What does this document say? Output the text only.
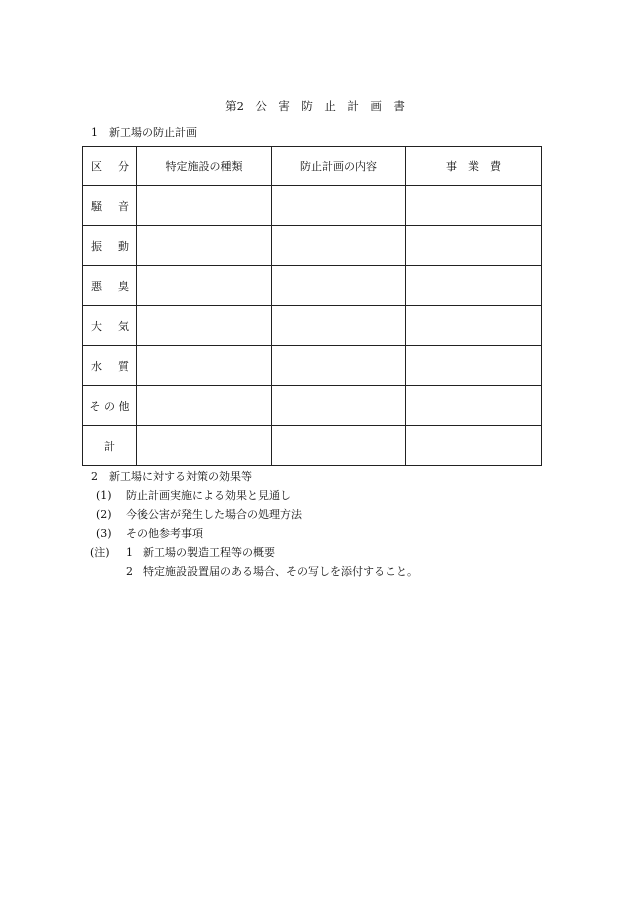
第2　公　害　防　止　計　画　書
1　新工場の防止計画
区 分	特定施設の種類	防止計画の内容	事　業　費

騒 音			

振 動			

悪 臭			

大 気			

水 質			

そ の 他			
計			
2　新工場に対する対策の効果等
(1) 防止計画実施による効果と見通し
(2) 今後公害が発生した場合の処理方法
(3) その他参考事項
(注) 1 新工場の製造工程等の概要
2 特定施設設置届のある場合、その写しを添付すること。
